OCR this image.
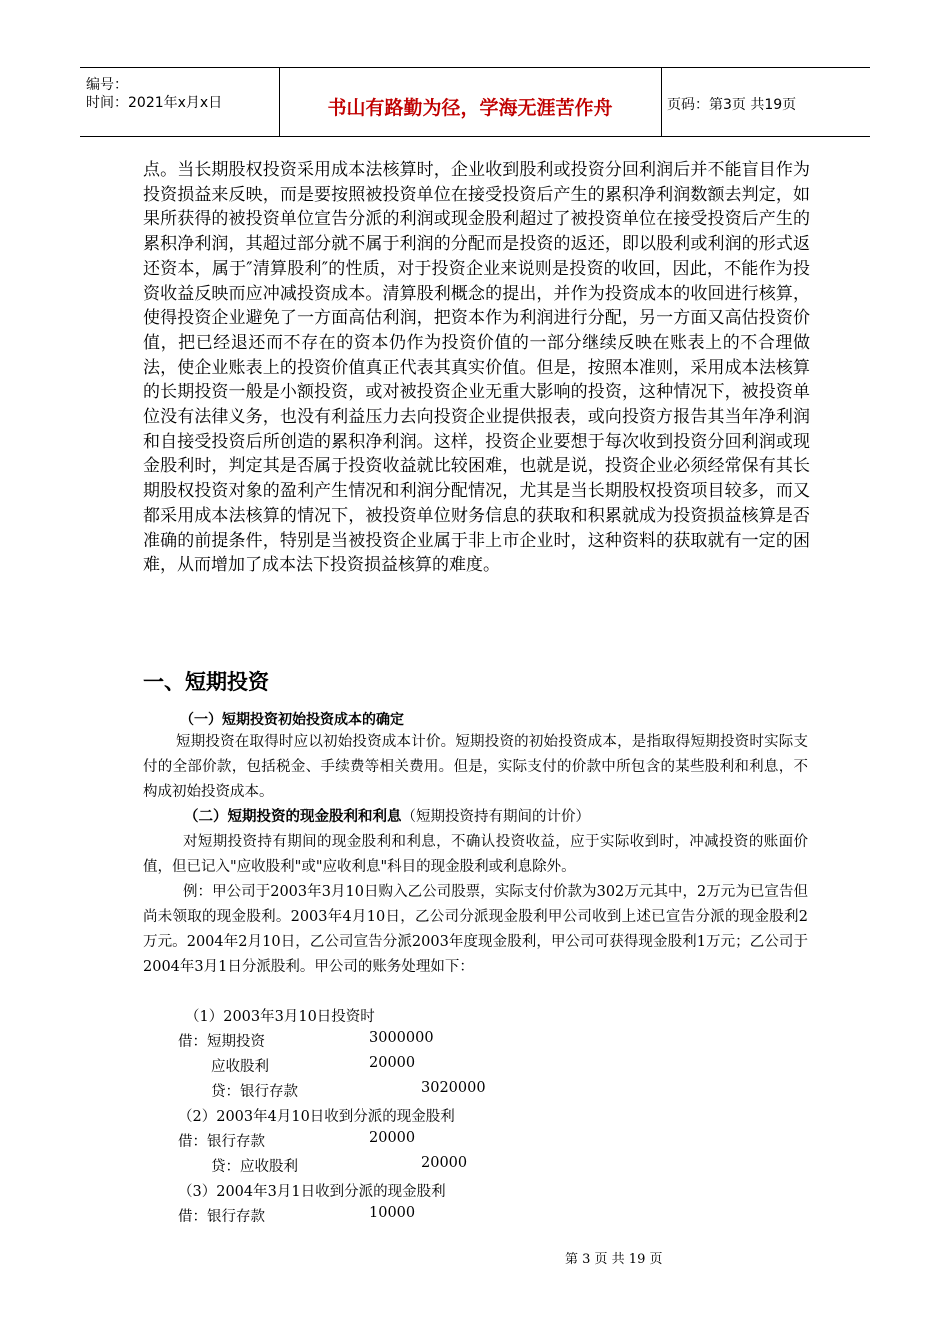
编号：
时间：2021年x月x日	书山有路勤为径，学海无涯苦作舟	页码：第3页 共19页
点。当长期股权投资采用成本法核算时，企业收到股利或投资分回利润后并不能盲目作为投资损益来反映，而是要按照被投资单位在接受投资后产生的累积净利润数额去判定，如果所获得的被投资单位宣告分派的利润或现金股利超过了被投资单位在接受投资后产生的累积净利润，其超过部分就不属于利润的分配而是投资的返还，即以股利或利润的形式返还资本，属于″清算股利″的性质，对于投资企业来说则是投资的收回，因此，不能作为投资收益反映而应冲减投资成本。清算股利概念的提出，并作为投资成本的收回进行核算，使得投资企业避免了一方面高估利润，把资本作为利润进行分配，另一方面又高估投资价值，把已经退还而不存在的资本仍作为投资价值的一部分继续反映在账表上的不合理做法，使企业账表上的投资价值真正代表其真实价值。但是，按照本准则，采用成本法核算的长期投资一般是小额投资，或对被投资企业无重大影响的投资，这种情况下，被投资单位没有法律义务，也没有利益压力去向投资企业提供报表，或向投资方报告其当年净利润和自接受投资后所创造的累积净利润。这样，投资企业要想于每次收到投资分回利润或现金股利时，判定其是否属于投资收益就比较困难，也就是说，投资企业必须经常保有其长期股权投资对象的盈利产生情况和利润分配情况，尤其是当长期股权投资项目较多，而又都采用成本法核算的情况下，被投资单位财务信息的获取和积累就成为投资损益核算是否准确的前提条件，特别是当被投资企业属于非上市企业时，这种资料的获取就有一定的困难，从而增加了成本法下投资损益核算的难度。
一、短期投资
（一）短期投资初始投资成本的确定
短期投资在取得时应以初始投资成本计价。短期投资的初始投资成本，是指取得短期投资时实际支付的全部价款，包括税金、手续费等相关费用。但是，实际支付的价款中所包含的某些股利和利息，不构成初始投资成本。
（二）短期投资的现金股利和利息（短期投资持有期间的计价）
对短期投资持有期间的现金股利和利息，不确认投资收益，应于实际收到时，冲减投资的账面价值，但已记入"应收股利"或"应收利息"科目的现金股利或利息除外。
例：甲公司于2003年3月10日购入乙公司股票，实际支付价款为302万元其中，2万元为已宣告但尚未领取的现金股利。2003年4月10日，乙公司分派现金股利甲公司收到上述已宣告分派的现金股利2万元。2004年2月10日，乙公司宣告分派2003年度现金股利，甲公司可获得现金股利1万元；乙公司于2004年3月1日分派股利。甲公司的账务处理如下：
（1）2003年3月10日投资时
借：短期投资	3000000
应收股利	20000
贷：银行存款	3020000
（2）2003年4月10日收到分派的现金股利
借：银行存款	20000
贷：应收股利	20000
（3）2004年3月1日收到分派的现金股利
借：银行存款	10000
第 3 页 共 19 页
